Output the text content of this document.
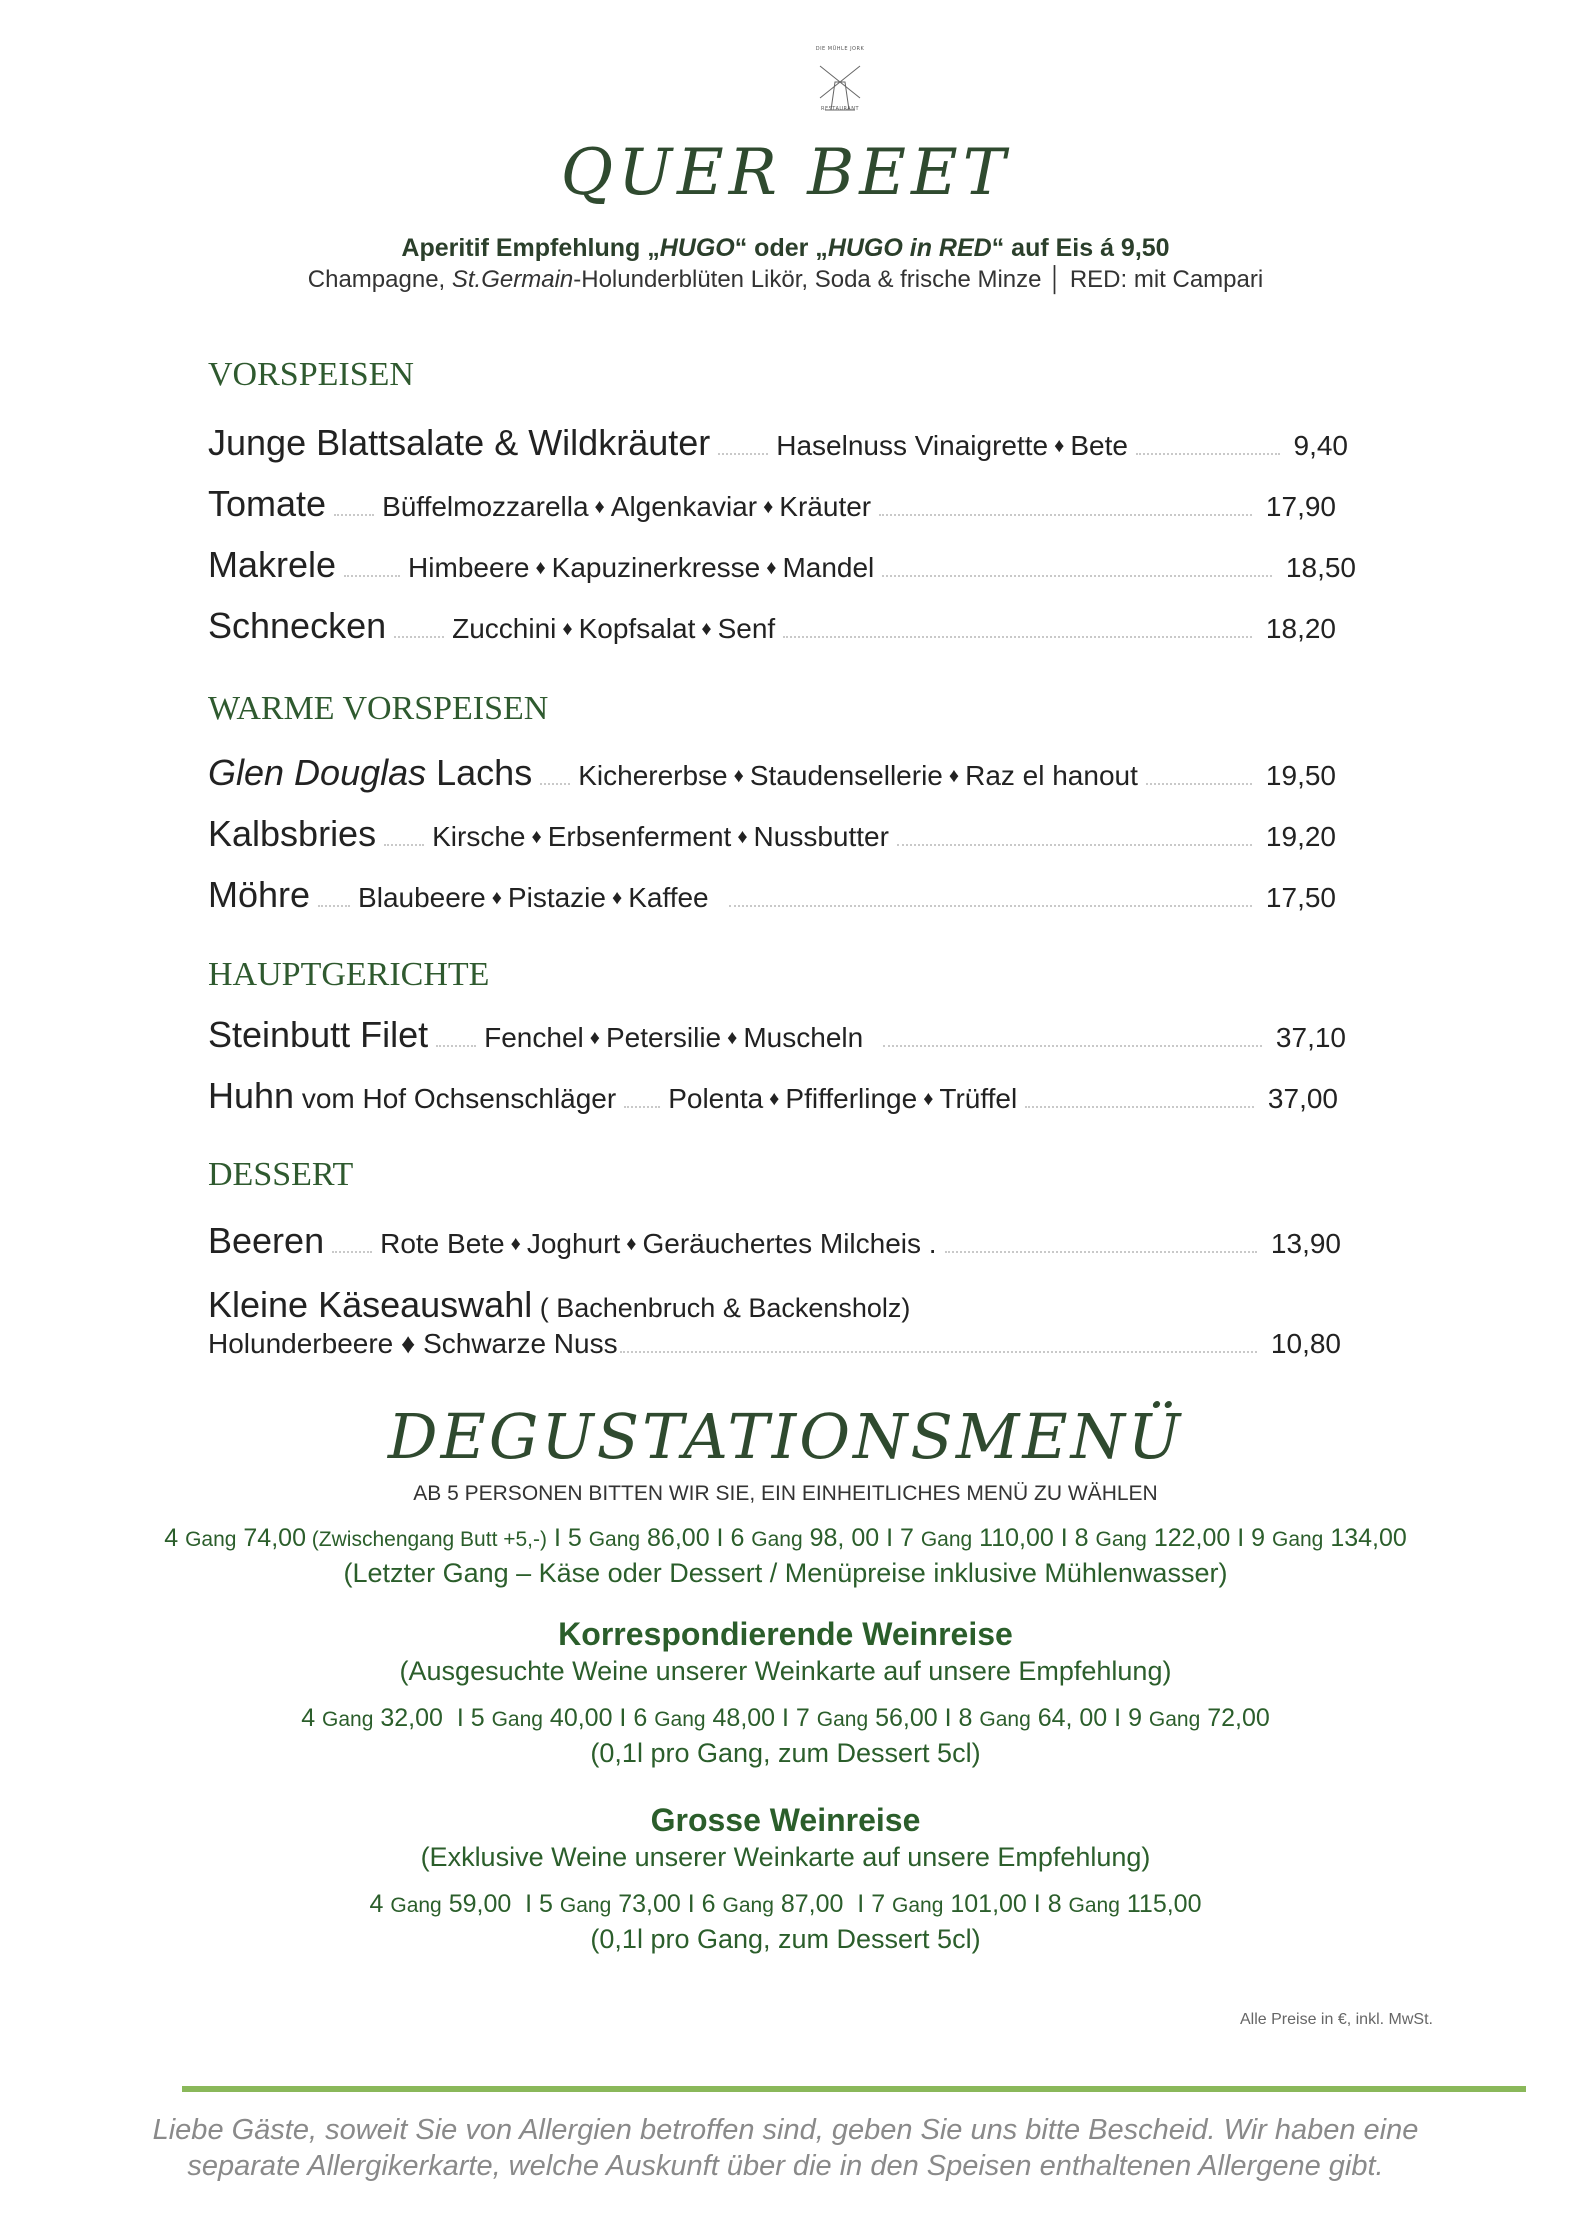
DIE MÜHLE JORK
RESTAURANT
QUER BEET
Aperitif Empfehlung „HUGO“ oder „HUGO in RED“ auf Eis á 9,50
Champagne, St.Germain-Holunderblüten Likör, Soda & frische Minze │ RED: mit Campari
VORSPEISEN
Junge Blattsalate & Wildkräuter Haselnuss Vinaigrette ♦ Bete	9,40
Tomate Büffelmozzarella ♦ Algenkaviar ♦ Kräuter	17,90
Makrele	Himbeere ♦ Kapuzinerkresse ♦ Mandel	18,50
Schnecken Zucchini ♦ Kopfsalat ♦ Senf	18,20
WARME VORSPEISEN
Glen Douglas Lachs Kichererbse ♦ Staudensellerie ♦ Raz el hanout	19,50
Kalbsbries Kirsche ♦ Erbsenferment ♦ Nussbutter	19,20
Möhre Blaubeere ♦ Pistazie ♦ Kaffee	17,50
HAUPTGERICHTE
Steinbutt Filet Fenchel ♦ Petersilie ♦ Muscheln	37,10
Huhn vom Hof Ochsenschläger Polenta ♦ Pfifferlinge ♦ Trüffel	37,00
DESSERT
Beeren Rote Bete ♦ Joghurt ♦ Geräuchertes Milcheis .	13,90
Kleine Käseauswahl ( Bachenbruch & Backensholz)
Holunderbeere ♦ Schwarze Nuss	10,80
DEGUSTATIONSMENÜ
AB 5 PERSONEN BITTEN WIR SIE, EIN EINHEITLICHES MENÜ ZU WÄHLEN
4 Gang 74,00 (Zwischengang Butt +5,-) I 5 Gang 86,00 I 6 Gang 98, 00 I 7 Gang 110,00 I 8 Gang 122,00 I 9 Gang 134,00
(Letzter Gang – Käse oder Dessert / Menüpreise inklusive Mühlenwasser)
Korrespondierende Weinreise
(Ausgesuchte Weine unserer Weinkarte auf unsere Empfehlung)
4 Gang 32,00  I 5 Gang 40,00 I 6 Gang 48,00 I 7 Gang 56,00 I 8 Gang 64, 00 I 9 Gang 72,00
(0,1l pro Gang, zum Dessert 5cl)
Grosse Weinreise
(Exklusive Weine unserer Weinkarte auf unsere Empfehlung)
4 Gang 59,00  I 5 Gang 73,00 I 6 Gang 87,00  I 7 Gang 101,00 I 8 Gang 115,00
(0,1l pro Gang, zum Dessert 5cl)
Alle Preise in €, inkl. MwSt.
Liebe Gäste, soweit Sie von Allergien betroffen sind, geben Sie uns bitte Bescheid. Wir haben eine
separate Allergikerkarte, welche Auskunft über die in den Speisen enthaltenen Allergene gibt.
